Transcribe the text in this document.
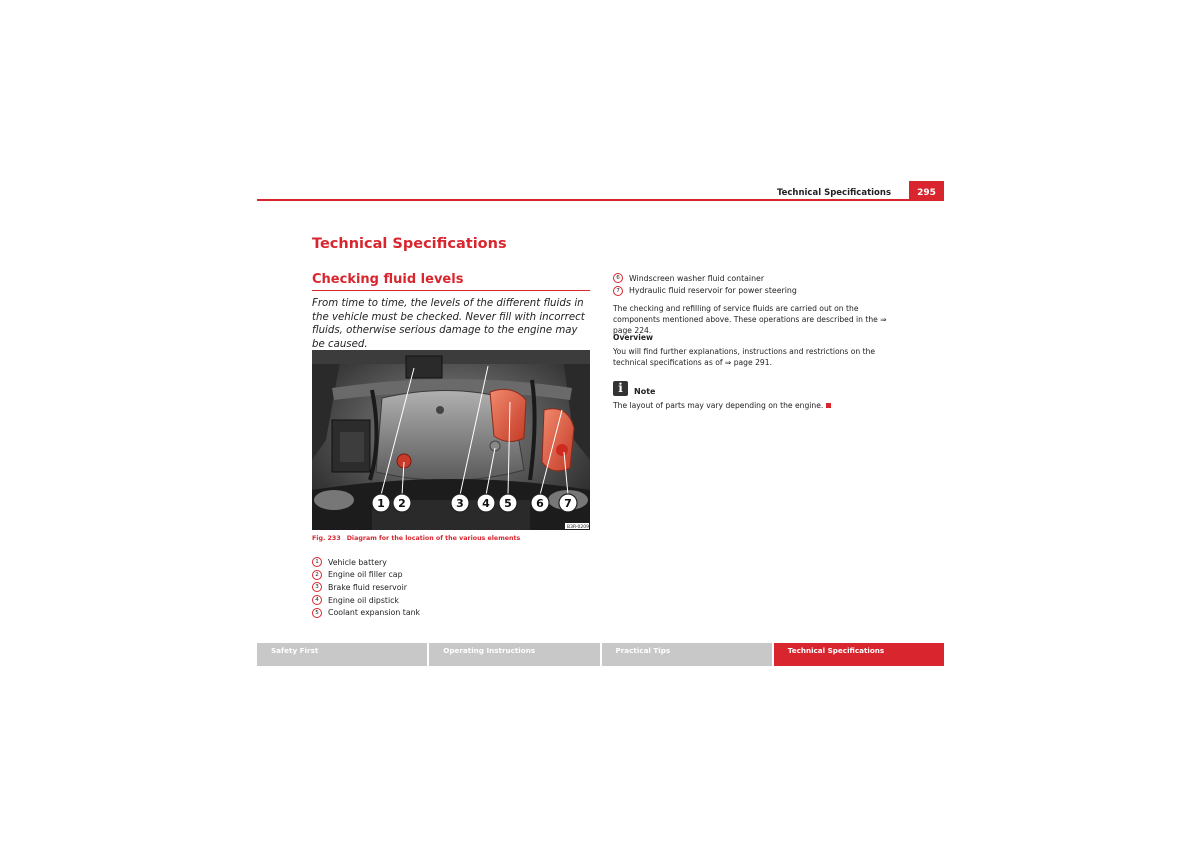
Technical Specifications	295
Technical Specifications
Checking fluid levels

From time to time, the levels of the different fluids in the vehicle must be checked. Never fill with incorrect fluids, otherwise serious damage to the engine may be caused.

B3R-0209
1 2	3 4 5 6 7
Fig. 233 Diagram for the location of the various elements
1	Vehicle battery
2	Engine oil filler cap
3	Brake fluid reservoir
4	Engine oil dipstick
5	Coolant expansion tank
6	Windscreen washer fluid container
7	Hydraulic fluid reservoir for power steering

The checking and refilling of service fluids are carried out on the components mentioned above. These operations are described in the ⇒ page 224.

Overview

You will find further explanations, instructions and restrictions on the technical specifications as of ⇒ page 291.

i	Note

The layout of parts may vary depending on the engine.

Safety First	Operating Instructions	Practical Tips	Technical Specifications
